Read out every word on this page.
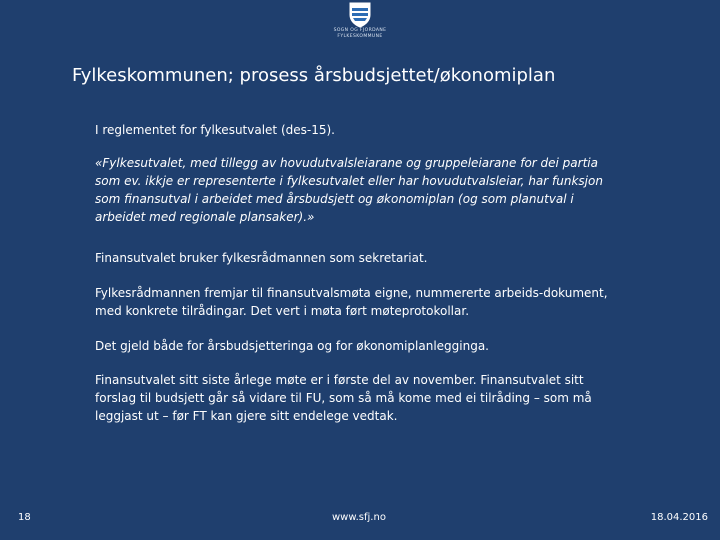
SOGN OG FJORDANE
FYLKESKOMMUNE
Fylkeskommunen; prosess årsbudsjettet/økonomiplan

I reglementet for fylkesutvalet (des-15).

«Fylkesutvalet, med tillegg av hovudutvalsleiarane og gruppeleiarane for dei partia som ev. ikkje er representerte i fylkesutvalet eller har hovudutvalsleiar, har funksjon som finansutval i arbeidet med årsbudsjett og økonomiplan (og som planutval i arbeidet med regionale plansaker).»

Finansutvalet bruker fylkesrådmannen som sekretariat.

Fylkesrådmannen fremjar til finansutvalsmøta eigne, nummererte arbeids-dokument, med konkrete tilrådingar. Det vert i møta ført møteprotokollar.

Det gjeld både for årsbudsjetteringa og for økonomiplanlegginga.

Finansutvalet sitt siste årlege møte er i første del av november. Finansutvalet sitt forslag til budsjett går så vidare til FU, som så må kome med ei tilråding – som må leggjast ut – før FT kan gjere sitt endelege vedtak.

18	www.sfj.no	18.04.2016
